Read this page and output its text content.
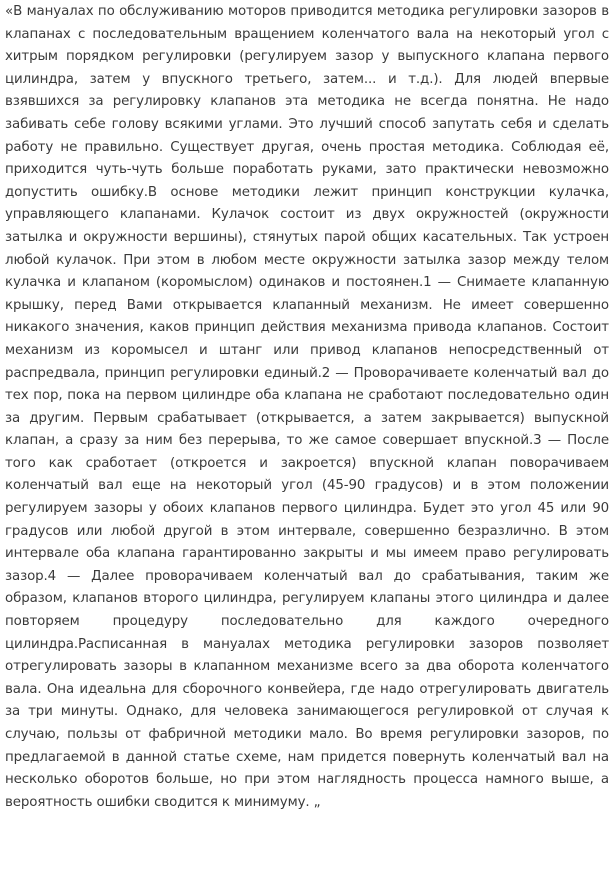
«В мануалах по обслуживанию моторов приводится методика регулировки зазоров в клапанах с последовательным вращением коленчатого вала на некоторый угол с хитрым порядком регулировки (регулируем зазор у выпускного клапана первого цилиндра, затем у впускного третьего, затем... и т.д.). Для людей впервые взявшихся за регулировку клапанов эта методика не всегда понятна. Не надо забивать себе голову всякими углами. Это лучший способ запутать себя и сделать работу не правильно. Существует другая, очень простая методика. Соблюдая её, приходится чуть-чуть больше поработать руками, зато практически невозможно допустить ошибку.В основе методики лежит принцип конструкции кулачка, управляющего клапанами. Кулачок состоит из двух окружностей (окружности затылка и окружности вершины), стянутых парой общих касательных. Так устроен любой кулачок. При этом в любом месте окружности затылка зазор между телом кулачка и клапаном (коромыслом) одинаков и постоянен.1 — Снимаете клапанную крышку, перед Вами открывается клапанный механизм. Не имеет совершенно никакого значения, каков принцип действия механизма привода клапанов. Состоит механизм из коромысел и штанг или привод клапанов непосредственный от распредвала, принцип регулировки единый.2 — Проворачиваете коленчатый вал до тех пор, пока на первом цилиндре оба клапана не сработают последовательно один за другим. Первым срабатывает (открывается, а затем закрывается) выпускной клапан, а сразу за ним без перерыва, то же самое совершает впускной.3 — После того как сработает (откроется и закроется) впускной клапан поворачиваем коленчатый вал еще на некоторый угол (45-90 градусов) и в этом положении регулируем зазоры у обоих клапанов первого цилиндра. Будет это угол 45 или 90 градусов или любой другой в этом интервале, совершенно безразлично. В этом интервале оба клапана гарантированно закрыты и мы имеем право регулировать зазор.4 — Далее проворачиваем коленчатый вал до срабатывания, таким же образом, клапанов второго цилиндра, регулируем клапаны этого цилиндра и далее повторяем процедуру последовательно для каждого очередного цилиндра.Расписанная в мануалах методика регулировки зазоров позволяет отрегулировать зазоры в клапанном механизме всего за два оборота коленчатого вала. Она идеальна для сборочного конвейера, где надо отрегулировать двигатель за три минуты. Однако, для человека занимающегося регулировкой от случая к случаю, пользы от фабричной методики мало. Во время регулировки зазоров, по предлагаемой в данной статье схеме, нам придется повернуть коленчатый вал на несколько оборотов больше, но при этом наглядность процесса намного выше, а вероятность ошибки сводится к минимуму. „
